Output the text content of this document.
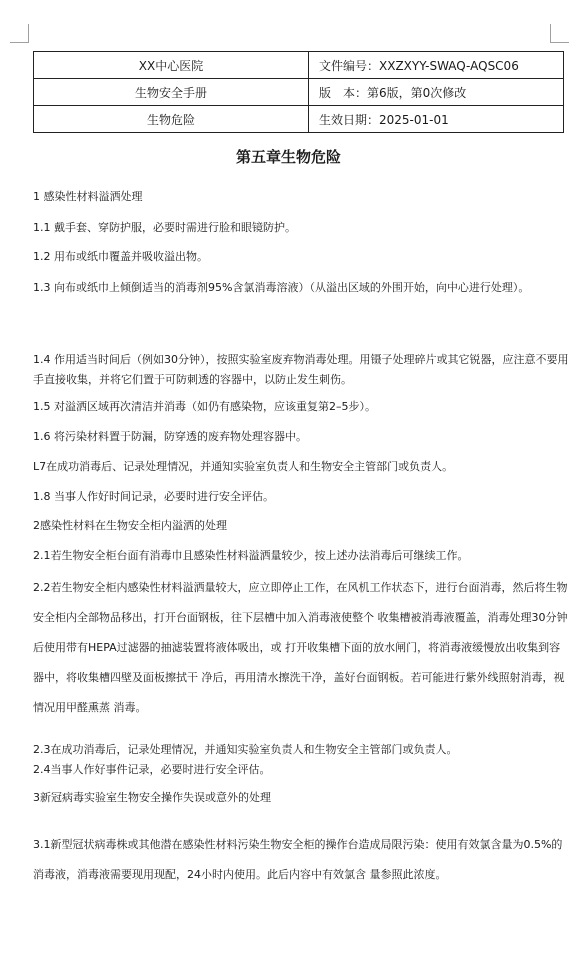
XX中心医院	文件编号：XXZXYY-SWAQ-AQSC06
生物安全手册	版　本：第6版，第0次修改
生物危险	生效日期：2025-01-01
第五章生物危险

1 感染性材料溢洒处理

1.1 戴手套、穿防护服，必要时需进行脸和眼镜防护。

1.2 用布或纸巾覆盖并吸收溢出物。

1.3 向布或纸巾上倾倒适当的消毒剂95%含氯消毒溶液）（从溢出区域的外围开始，向中心进行处理）。

1.4 作用适当时间后（例如30分钟），按照实验室废弃物消毒处理。用镊子处理碎片或其它锐器，应注意不要用手直接收集，并将它们置于可防刺透的容器中，以防止发生刺伤。

1.5 对溢洒区域再次清洁并消毒（如仍有感染物，应该重复第2–5步）。

1.6 将污染材料置于防漏，防穿透的废弃物处理容器中。

L7在成功消毒后、记录处理情况，并通知实验室负责人和生物安全主管部门或负责人。

1.8 当事人作好时间记录，必要时进行安全评估。

2感染性材料在生物安全柜内溢洒的处理

2.1若生物安全柜台面有消毒巾且感染性材料溢洒量较少，按上述办法消毒后可继续工作。

2.2若生物安全柜内感染性材料溢洒量较大，应立即停止工作，在风机工作状态下，进行台面消毒，然后将生物安全柜内全部物品移出，打开台面钢板，往下层槽中加入消毒液使整个 收集槽被消毒液覆盖，消毒处理30分钟后使用带有HEPA过滤器的抽滤装置将液体吸出，或 打开收集槽下面的放水闸门，将消毒液缓慢放出收集到容器中，将收集槽四壁及面板擦拭干 净后，再用清水擦洗干净，盖好台面钢板。若可能进行紫外线照射消毒，视情况用甲醛熏蒸 消毒。

2.3在成功消毒后，记录处理情况，并通知实验室负责人和生物安全主管部门或负责人。

2.4当事人作好事件记录，必要时进行安全评估。

3新冠病毒实验室生物安全操作失误或意外的处理

3.1新型冠状病毒株或其他潜在感染性材料污染生物安全柜的操作台造成局限污染：使用有效氯含量为0.5%的消毒液，消毒液需要现用现配，24小时内使用。此后内容中有效氯含 量参照此浓度。
